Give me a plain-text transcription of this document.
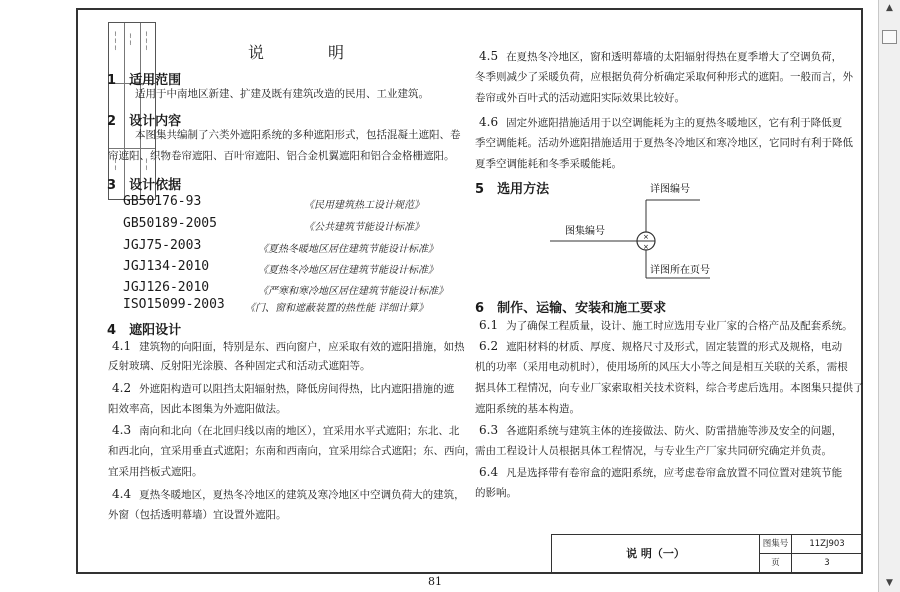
⌇⌇⌇ ⌇⌇ ⌇⌇⌇
⌇⌇	⌇⌇
说　明
1　 适用范围
适用于中南地区新建、扩建及既有建筑改造的民用、工业建筑。
2　 设计内容
本图集共编制了六类外遮阳系统的多种遮阳形式，包括混凝土遮阳、卷
帘遮阳、织物卷帘遮阳、百叶帘遮阳、铝合金机翼遮阳和铝合金格栅遮阳。
3　 设计依据
GB50176-93	《民用建筑热工设计规范》
GB50189-2005	《公共建筑节能设计标准》
JGJ75-2003	《夏热冬暖地区居住建筑节能设计标准》
JGJ134-2010	《夏热冬冷地区居住建筑节能设计标准》
JGJ126-2010	《严寒和寒冷地区居住建筑节能设计标准》
ISO15099-2003 《门、窗和遮蔽装置的热性能 详细计算》
4　 遮阳设计
4.1 建筑物的向阳面，特别是东、西向窗户，应采取有效的遮阳措施，如热
反射玻璃、反射阳光涂膜、各种固定式和活动式遮阳等。
4.2 外遮阳构造可以阻挡太阳辐射热，降低房间得热，比内遮阳措施的遮
阳效率高，因此本图集为外遮阳做法。
4.3 南向和北向（在北回归线以南的地区），宜采用水平式遮阳；东北、北
和西北向，宜采用垂直式遮阳；东南和西南向，宜采用综合式遮阳；东、西向，
宜采用挡板式遮阳。
4.4 夏热冬暖地区，夏热冬冷地区的建筑及寒冷地区中空调负荷大的建筑，
外窗（包括透明幕墙）宜设置外遮阳。
4.5 在夏热冬冷地区，窗和透明幕墙的太阳辐射得热在夏季增大了空调负荷，
冬季则减少了采暖负荷，应根据负荷分析确定采取何种形式的遮阳。一般而言，外
卷帘或外百叶式的活动遮阳实际效果比较好。
4.6 固定外遮阳措施适用于以空调能耗为主的夏热冬暖地区，它有利于降低夏
季空调能耗。活动外遮阳措施适用于夏热冬冷地区和寒冷地区，它同时有利于降低
夏季空调能耗和冬季采暖能耗。
5　 选用方法
×
×
详图编号
图集编号
详图所在页号
6　 制作、运输、安装和施工要求
6.1 为了确保工程质量，设计、施工时应选用专业厂家的合格产品及配套系统。
6.2 遮阳材料的材质、厚度、规格尺寸及形式，固定装置的形式及规格，电动
机的功率（采用电动机时），使用场所的风压大小等之间是相互关联的关系，需根
据具体工程情况，向专业厂家索取相关技术资料，综合考虑后选用。本图集只提供了
遮阳系统的基本构造。
6.3 各遮阳系统与建筑主体的连接做法、防火、防雷措施等涉及安全的问题，
需由工程设计人员根据具体工程情况，与专业生产厂家共同研究确定并负责。
6.4 凡是选择带有卷帘盒的遮阳系统，应考虑卷帘盒放置不同位置对建筑节能
的影响。
说 明（一）
图集号	11ZJ903
页	3
81
▲
▼
